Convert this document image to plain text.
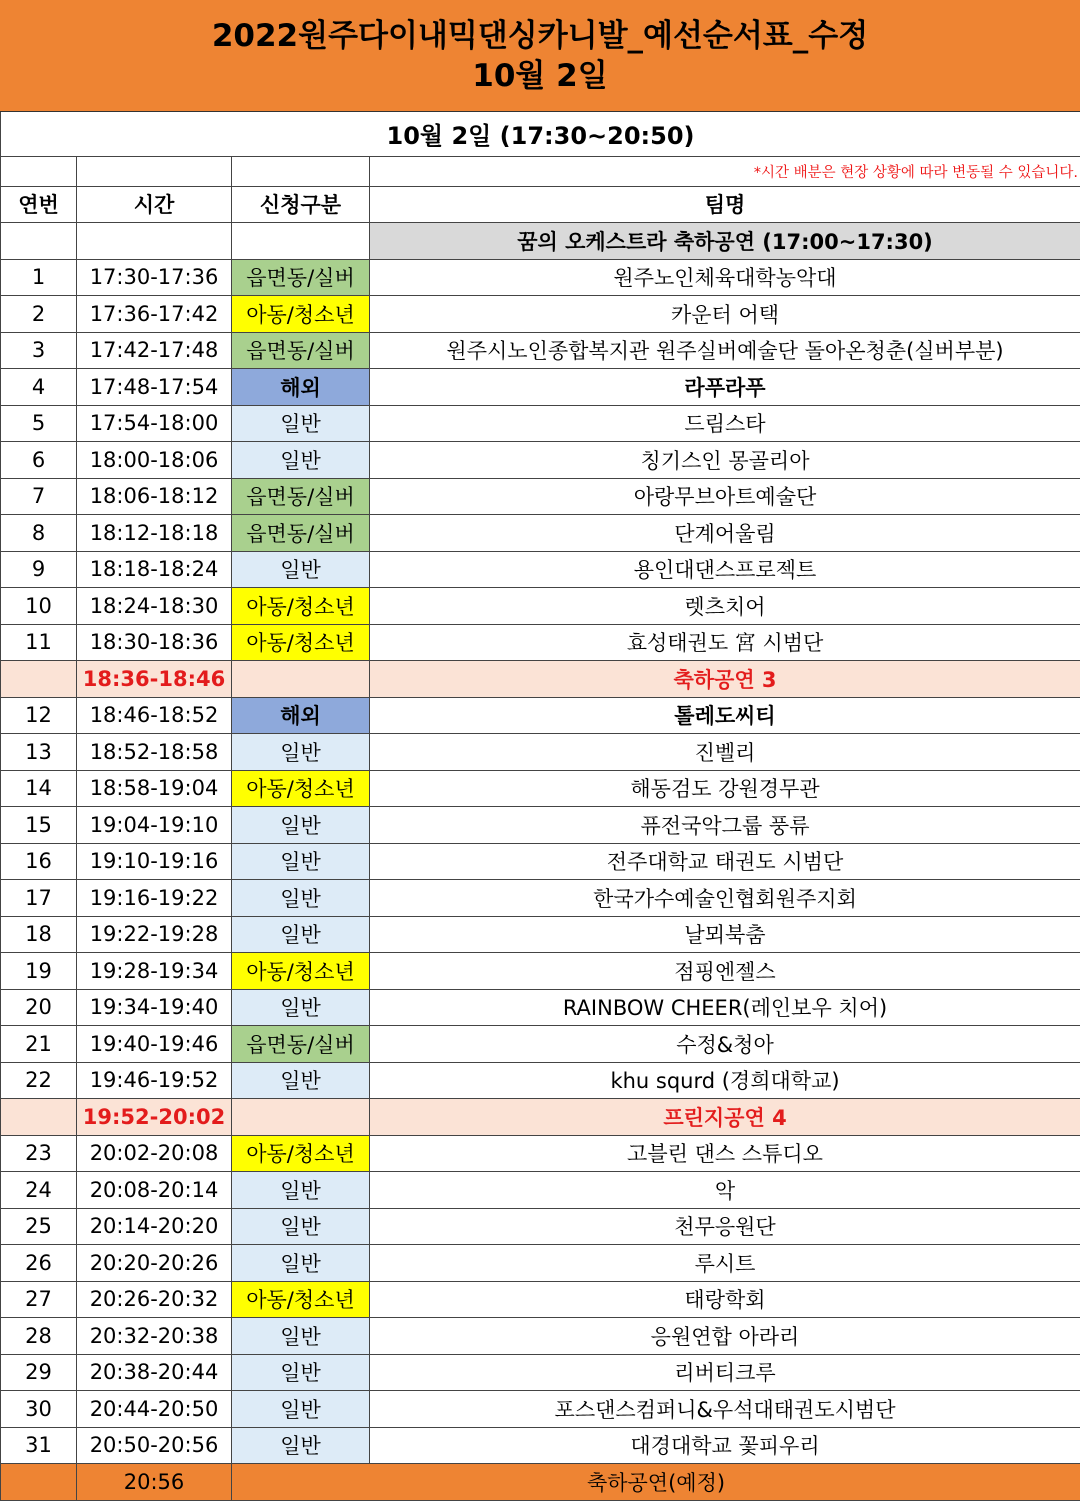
2022원주다이내믹댄싱카니발_예선순서표_수정
10월 2일
10월 2일 (17:30~20:50)			
			*시간 배분은 현장 상황에 따라 변동될 수 있습니다.
연번	시간	신청구분	팀명
			꿈의 오케스트라 축하공연 (17:00~17:30)
1	17:30-17:36	읍면동/실버	원주노인체육대학농악대
2	17:36-17:42	아동/청소년	카운터 어택
3	17:42-17:48	읍면동/실버	원주시노인종합복지관 원주실버예술단 돌아온청춘(실버부분)
4	17:48-17:54	해외	라푸라푸
5	17:54-18:00	일반	드림스타
6	18:00-18:06	일반	칭기스인 몽골리아
7	18:06-18:12	읍면동/실버	아랑무브아트예술단
8	18:12-18:18	읍면동/실버	단계어울림
9	18:18-18:24	일반	용인대댄스프로젝트
10	18:24-18:30	아동/청소년	렛츠치어
11	18:30-18:36	아동/청소년	효성태권도 宮 시범단
	18:36-18:46		축하공연 3
12	18:46-18:52	해외	톨레도씨티
13	18:52-18:58	일반	진벨리
14	18:58-19:04	아동/청소년	해동검도 강원경무관
15	19:04-19:10	일반	퓨전국악그룹 풍류
16	19:10-19:16	일반	전주대학교 태권도 시범단
17	19:16-19:22	일반	한국가수예술인협회원주지회
18	19:22-19:28	일반	날뫼북춤
19	19:28-19:34	아동/청소년	점핑엔젤스
20	19:34-19:40	일반	RAINBOW CHEER(레인보우 치어)
21	19:40-19:46	읍면동/실버	수정&청아
22	19:46-19:52	일반	khu squrd (경희대학교)
	19:52-20:02		프린지공연 4
23	20:02-20:08	아동/청소년	고블린 댄스 스튜디오
24	20:08-20:14	일반	악
25	20:14-20:20	일반	천무응원단
26	20:20-20:26	일반	루시트
27	20:26-20:32	아동/청소년	태랑학회
28	20:32-20:38	일반	응원연합 아라리
29	20:38-20:44	일반	리버티크루
30	20:44-20:50	일반	포스댄스컴퍼니&우석대태권도시범단
31	20:50-20:56	일반	대경대학교 꽃피우리
	20:56	축하공연(예정)	
